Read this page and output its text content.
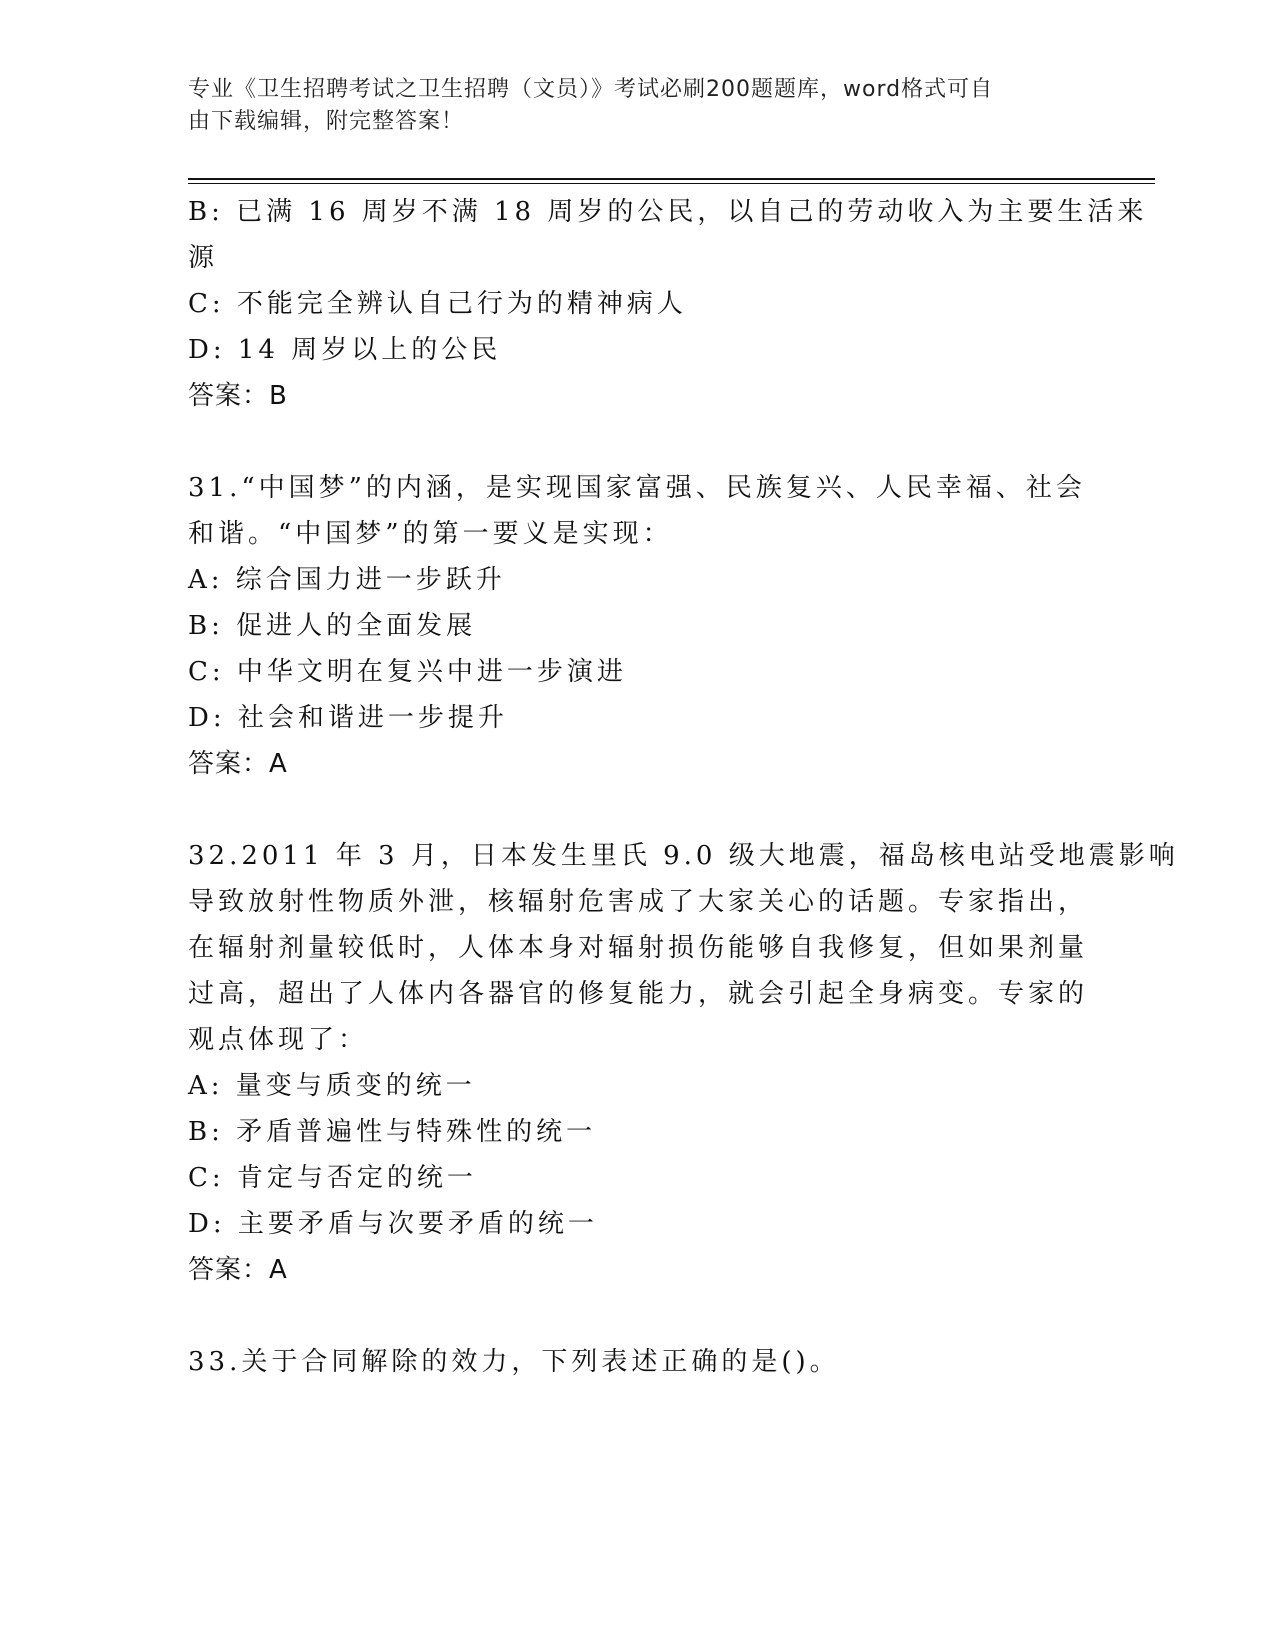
专业《卫生招聘考试之卫生招聘（文员）》考试必刷200题题库，word格式可自
由下载编辑，附完整答案！
B: 已满 16 周岁不满 18 周岁的公民，以自己的劳动收入为主要生活来
源
C: 不能完全辨认自己行为的精神病人
D: 14 周岁以上的公民
答案：B
31.“中国梦”的内涵，是实现国家富强、民族复兴、人民幸福、社会
和谐。“中国梦”的第一要义是实现：
A: 综合国力进一步跃升
B: 促进人的全面发展
C: 中华文明在复兴中进一步演进
D: 社会和谐进一步提升
答案：A
32.2011 年 3 月，日本发生里氏 9.0 级大地震，福岛核电站受地震影响
导致放射性物质外泄，核辐射危害成了大家关心的话题。专家指出，
在辐射剂量较低时，人体本身对辐射损伤能够自我修复，但如果剂量
过高，超出了人体内各器官的修复能力，就会引起全身病变。专家的
观点体现了：
A: 量变与质变的统一
B: 矛盾普遍性与特殊性的统一
C: 肯定与否定的统一
D: 主要矛盾与次要矛盾的统一
答案：A
33.关于合同解除的效力，下列表述正确的是()。
